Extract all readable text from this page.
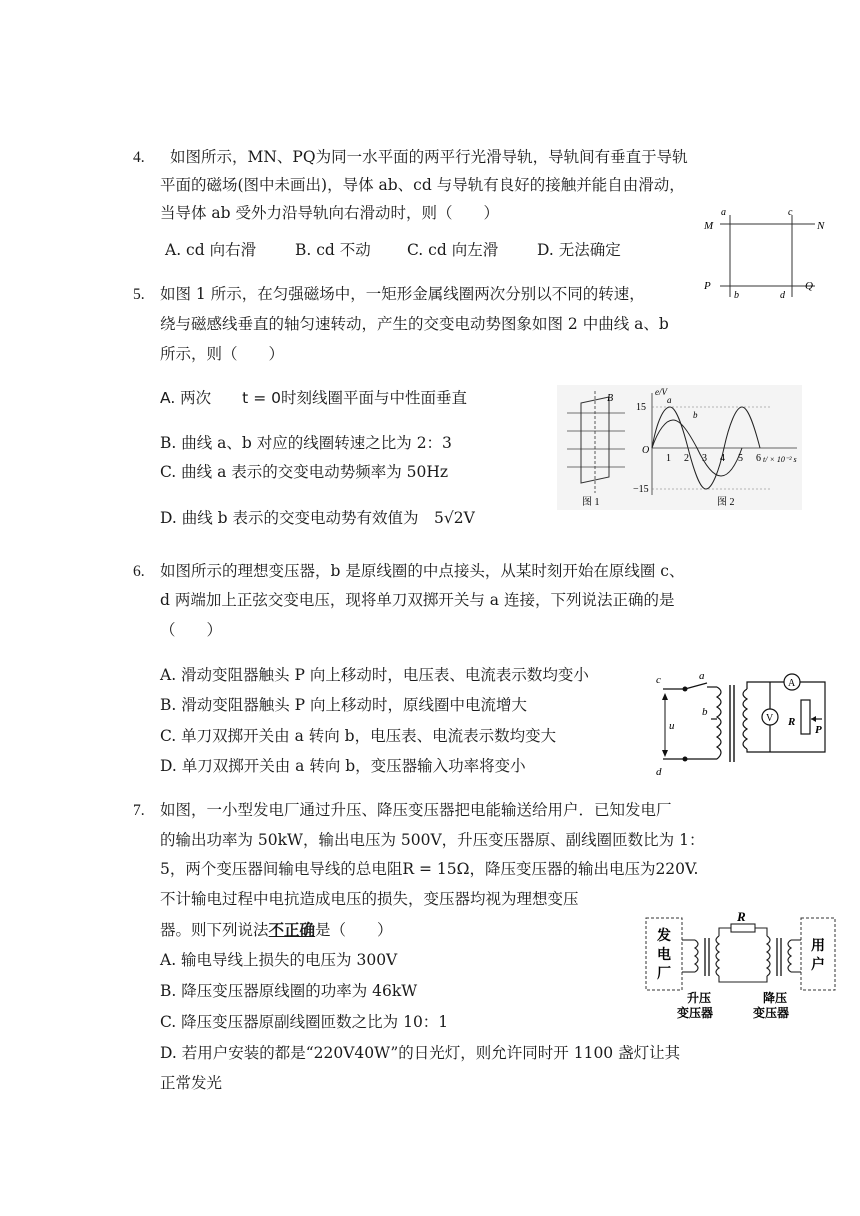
4. 如图所示，MN、PQ为同一水平面的两平行光滑导轨，导轨间有垂直于导轨
平面的磁场(图中未画出)，导体 ab、cd 与导轨有良好的接触并能自由滑动，
当导体 ab 受外力沿导轨向右滑动时，则（　　）
A. cd 向右滑	B. cd 不动 C. cd 向左滑	D. 无法确定
M	N
P	Q
a
b
c
d
5. 如图 1 所示，在匀强磁场中，一矩形金属线圈两次分别以不同的转速，
绕与磁感线垂直的轴匀速转动，产生的交变电动势图象如图 2 中曲线 a、b
所示，则（　　）
A. 两次　　t = 0时刻线圈平面与中性面垂直
B. 曲线 a、b 对应的线圈转速之比为 2：3
C. 曲线 a 表示的交变电动势频率为 50Hz
D. 曲线 b 表示的交变电动势有效值为　5√2V
B
图 1
e/V
15
−15
O
a
b
1 2 3 4 5 6 t/ × 10⁻² s
图 2
6. 如图所示的理想变压器，b 是原线圈的中点接头，从某时刻开始在原线圈 c、
d 两端加上正弦交变电压，现将单刀双掷开关与 a 连接，下列说法正确的是
（　　）
A. 滑动变阻器触头 P 向上移动时，电压表、电流表示数均变小
B. 滑动变阻器触头 P 向上移动时，原线圈中电流增大
C. 单刀双掷开关由 a 转向 b，电压表、电流表示数均变大
D. 单刀双掷开关由 a 转向 b，变压器输入功率将变小
V
A
c	a
b
u
d
R
P
7. 如图，一小型发电厂通过升压、降压变压器把电能输送给用户．已知发电厂
的输出功率为 50kW，输出电压为 500V，升压变压器原、副线圈匝数比为 1：
5，两个变压器间输电导线的总电阻R = 15Ω，降压变压器的输出电压为220V.
不计输电过程中电抗造成电压的损失，变压器均视为理想变压
器。则下列说法不正确是（　　）
A. 输电导线上损失的电压为 300V
B. 降压变压器原线圈的功率为 46kW
C. 降压变压器原副线圈匝数之比为 10：1
D. 若用户安装的都是“220V40W”的日光灯，则允许同时开 1100 盏灯让其
正常发光
发
电
厂
用
户
R
升压
变压器
降压
变压器
